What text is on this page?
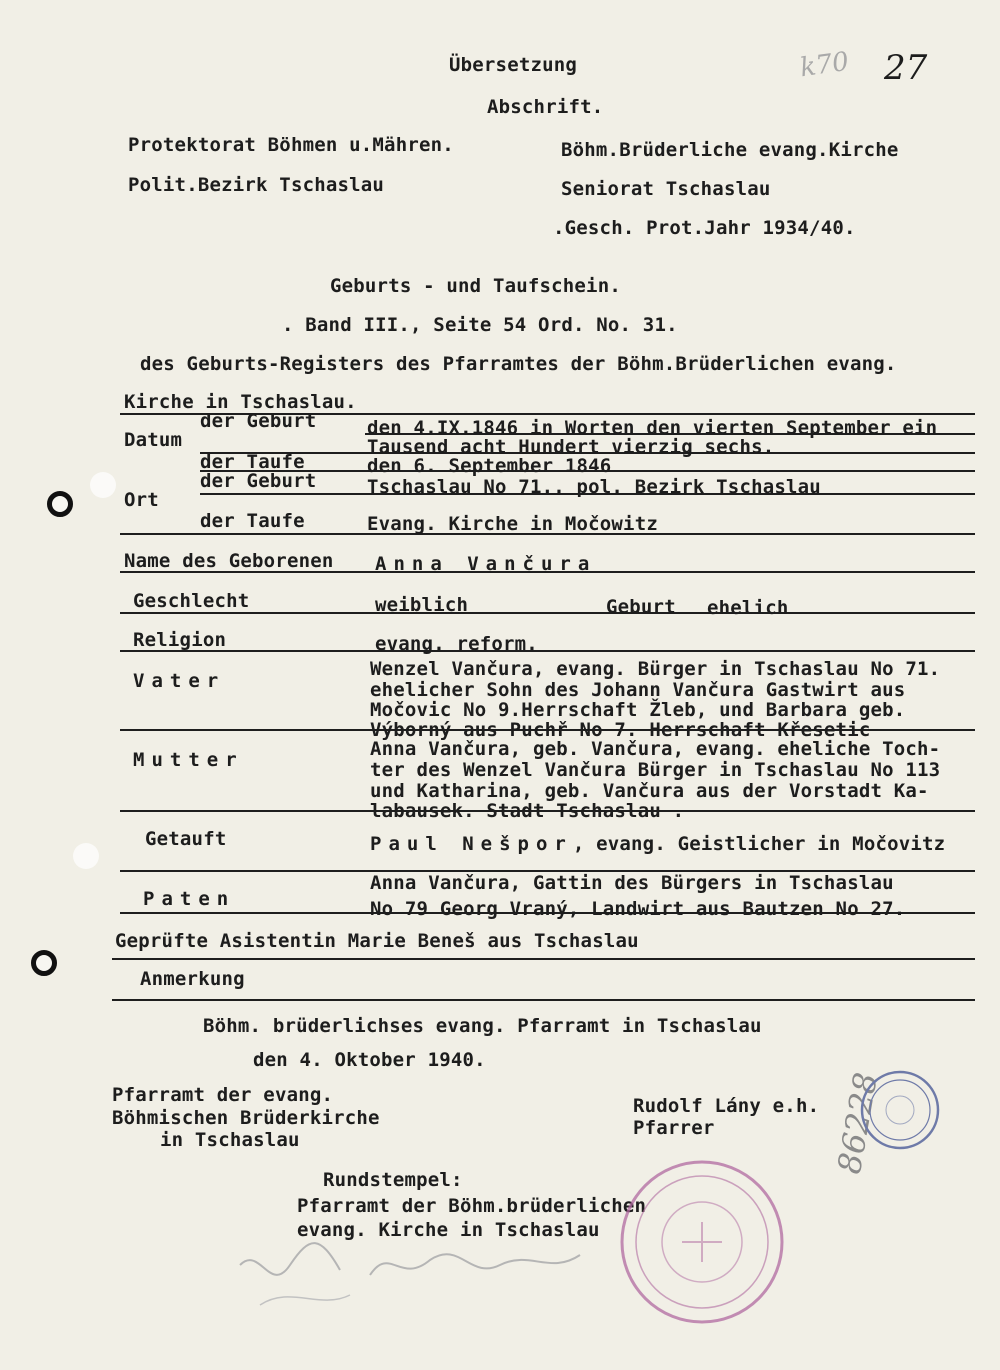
Übersetzung	27
k70
Abschrift.
Protektorat Böhmen u.Mähren.
Polit.Bezirk Tschaslau
Böhm.Brüderliche evang.Kirche
Seniorat Tschaslau
.Gesch. Prot.Jahr 1934/40.
Geburts - und Taufschein.
. Band III., Seite 54 Ord. No. 31.
des Geburts-Registers des Pfarramtes der Böhm.Brüderlichen evang.
Kirche in Tschaslau.
Datum
der Geburt	den 4.IX.1846 in Worten den vierten September ein
Tausend acht Hundert vierzig sechs.
der Taufe	den 6. September 1846
Ort
der Geburt	Tschaslau No 71.. pol. Bezirk Tschaslau
der Taufe	Evang. Kirche in Močowitz
Name des Geborenen Anna Vančura
Geschlecht	weiblich	Geburt ehelich
Religion	evang. reform.
Vater
Wenzel Vančura, evang. Bürger in Tschaslau No 71.
ehelicher Sohn des Johann Vančura Gastwirt aus
Močovic No 9.Herrschaft Žleb, und Barbara geb.
Výborný aus Puchř No 7. Herrschaft Křesetic
Mutter	Anna Vančura, geb. Vančura, evang. eheliche Toch-
ter des Wenzel Vančura Bürger in Tschaslau No 113
und Katharina, geb. Vančura aus der Vorstadt Ka-
labausek. Stadt Tschaslau .
Getauft	Paul Nešpor, evang. Geistlicher in Močovitz
Paten
Anna Vančura, Gattin des Bürgers in Tschaslau
No 79 Georg Vraný, Landwirt aus Bautzen No 27.
Geprüfte Asistentin Marie Beneš aus Tschaslau
Anmerkung
Böhm. brüderlichses evang. Pfarramt in Tschaslau
den 4. Oktober 1940.
Pfarramt der evang.
Böhmischen Brüderkirche
in Tschaslau
Rudolf Lány e.h.
Pfarrer
Rundstempel:
Pfarramt der Böhm.brüderlichen
evang. Kirche in Tschaslau
86228
